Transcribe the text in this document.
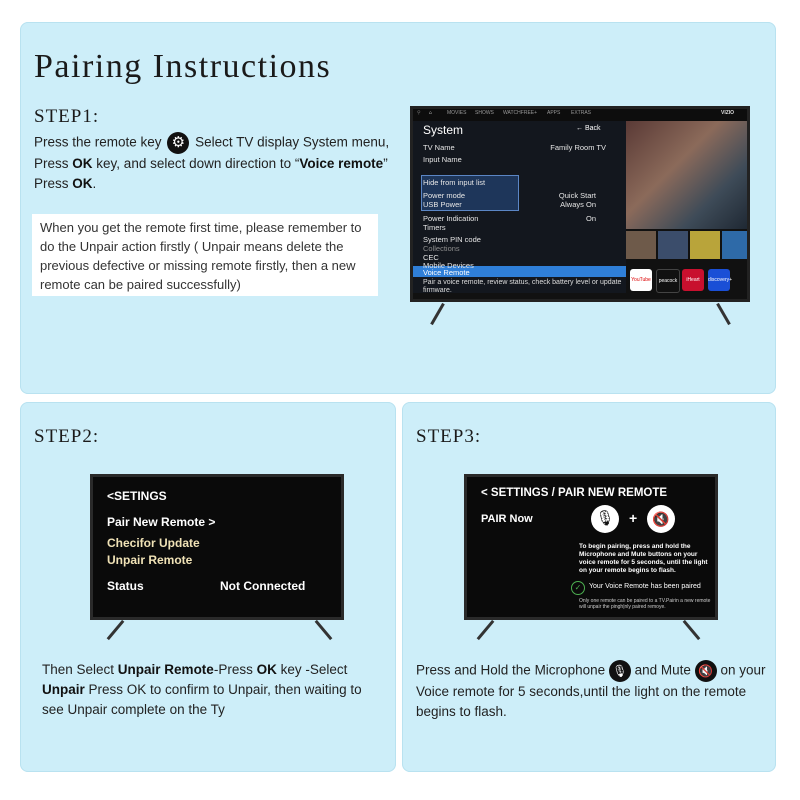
Pairing Instructions
STEP1:
Press the remote key ⚙ Select TV display System menu,
Press OK key, and select down direction to “Voice remote”
Press OK.
When you get the remote first time, please remember to do the Unpair action firstly ( Unpair means delete the previous defective or missing remote firstly, then a new remote can be paired successfully)
⚲ ⌂	MOVIES SHOWS WATCHFREE+ APPS EXTRAS	VIZIO
YouTube	peacock	iHeart	discovery+
System	← Back
TV Name	Family Room TV
Input Name
Hide from input list
Power mode	Quick Start
USB Power	Always On
Power Indication	On
Timers
System PIN code
Collections
CEC
Mobile Devices
Voice Remote
Pair a voice remote, review status, check battery level or update firmware.
STEP2:
<SETINGS
Pair New Remote >
Checifor Update
Unpair Remote
Status	Not Connected
Then Select Unpair Remote-Press OK key -Select Unpair Press OK to confirm to Unpair, then waiting to see Unpair complete on the Ty
STEP3:
< SETTINGS / PAIR NEW REMOTE
PAIR Now	🎙	+	🔇
To begin pairing, press and hold the Microphone and Mute buttons on your voice remote for 5 seconds, until the light on your remote begins to flash.
✓	Your Voice Remote has been paired
Only one remote can be paired to a TV.Pairin a new remote will unpair the pingh|nly paired remoye.
Press and Hold the Microphone 🎙 and Mute 🔇 on your Voice remote for 5 seconds,until the light on the remote begins to flash.
